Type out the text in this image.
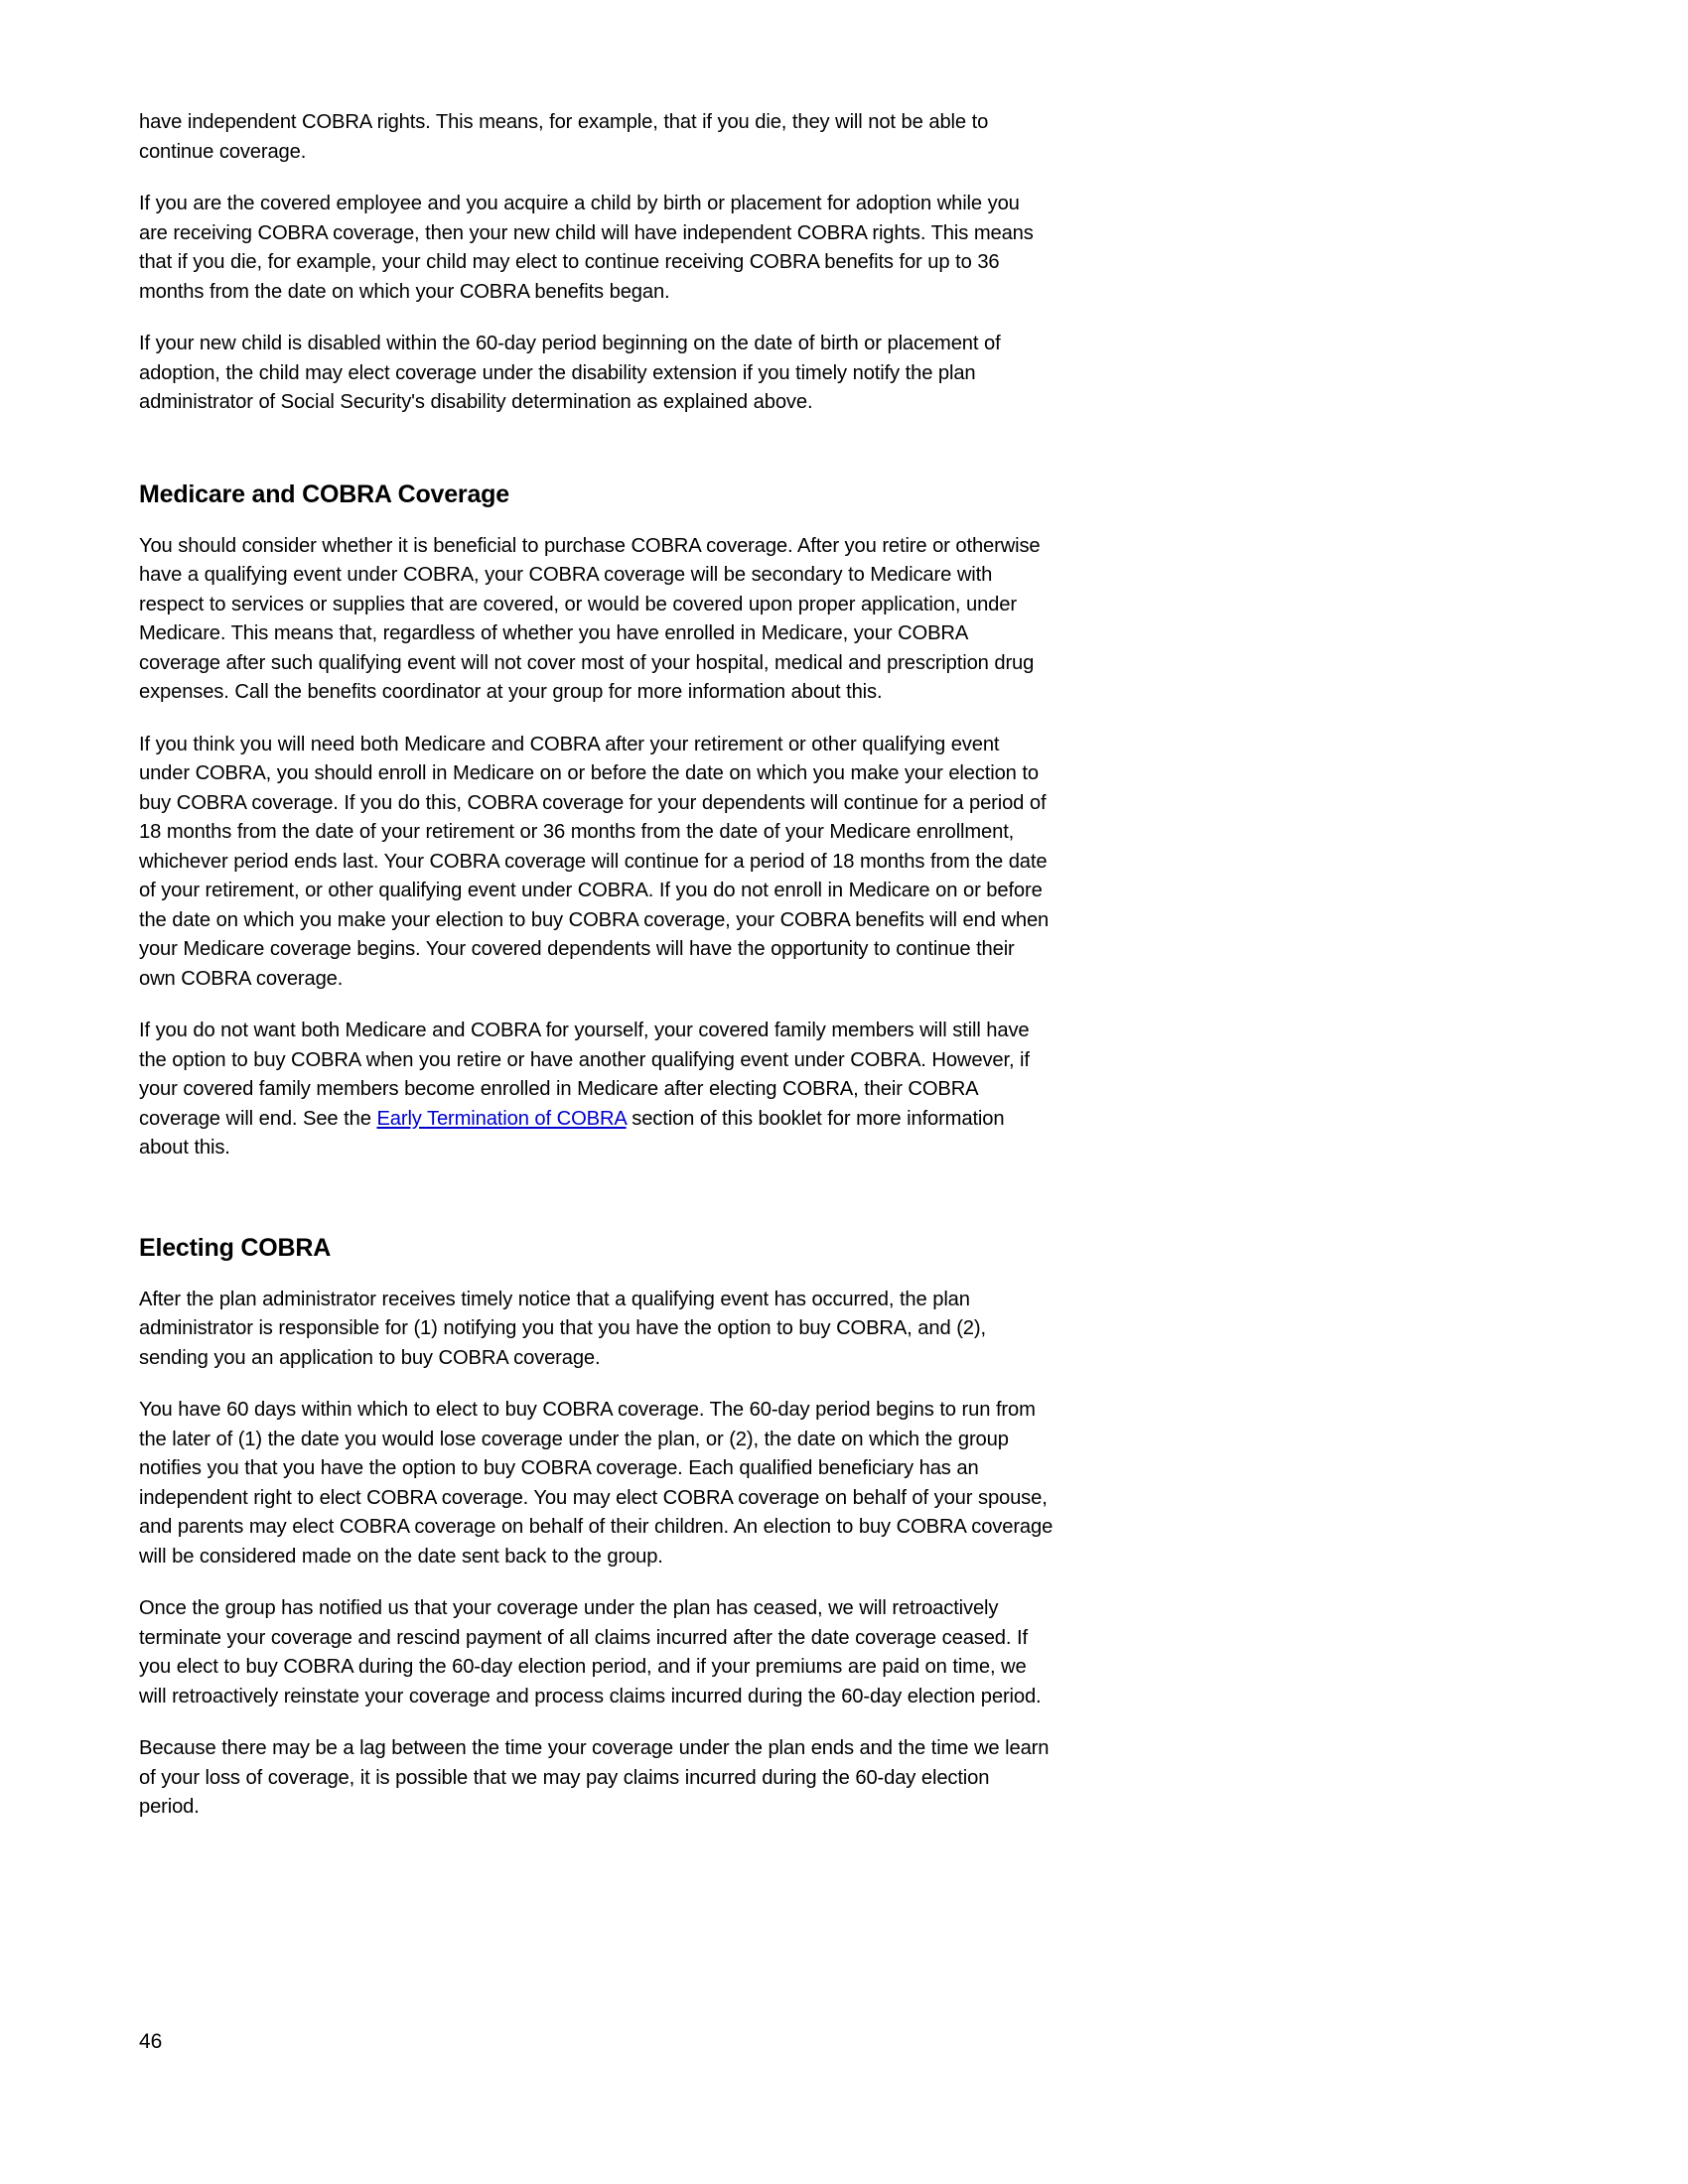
have independent COBRA rights. This means, for example, that if you die, they will not be able to continue coverage.

If you are the covered employee and you acquire a child by birth or placement for adoption while you are receiving COBRA coverage, then your new child will have independent COBRA rights. This means that if you die, for example, your child may elect to continue receiving COBRA benefits for up to 36 months from the date on which your COBRA benefits began.

If your new child is disabled within the 60-day period beginning on the date of birth or placement of adoption, the child may elect coverage under the disability extension if you timely notify the plan administrator of Social Security's disability determination as explained above.

Medicare and COBRA Coverage

You should consider whether it is beneficial to purchase COBRA coverage. After you retire or otherwise have a qualifying event under COBRA, your COBRA coverage will be secondary to Medicare with respect to services or supplies that are covered, or would be covered upon proper application, under Medicare. This means that, regardless of whether you have enrolled in Medicare, your COBRA coverage after such qualifying event will not cover most of your hospital, medical and prescription drug expenses. Call the benefits coordinator at your group for more information about this.

If you think you will need both Medicare and COBRA after your retirement or other qualifying event under COBRA, you should enroll in Medicare on or before the date on which you make your election to buy COBRA coverage. If you do this, COBRA coverage for your dependents will continue for a period of 18 months from the date of your retirement or 36 months from the date of your Medicare enrollment, whichever period ends last. Your COBRA coverage will continue for a period of 18 months from the date of your retirement, or other qualifying event under COBRA. If you do not enroll in Medicare on or before the date on which you make your election to buy COBRA coverage, your COBRA benefits will end when your Medicare coverage begins. Your covered dependents will have the opportunity to continue their own COBRA coverage.

If you do not want both Medicare and COBRA for yourself, your covered family members will still have the option to buy COBRA when you retire or have another qualifying event under COBRA. However, if your covered family members become enrolled in Medicare after electing COBRA, their COBRA coverage will end. See the Early Termination of COBRA section of this booklet for more information about this.

Electing COBRA

After the plan administrator receives timely notice that a qualifying event has occurred, the plan administrator is responsible for (1) notifying you that you have the option to buy COBRA, and (2), sending you an application to buy COBRA coverage.

You have 60 days within which to elect to buy COBRA coverage. The 60-day period begins to run from the later of (1) the date you would lose coverage under the plan, or (2), the date on which the group notifies you that you have the option to buy COBRA coverage. Each qualified beneficiary has an independent right to elect COBRA coverage. You may elect COBRA coverage on behalf of your spouse, and parents may elect COBRA coverage on behalf of their children. An election to buy COBRA coverage will be considered made on the date sent back to the group.

Once the group has notified us that your coverage under the plan has ceased, we will retroactively terminate your coverage and rescind payment of all claims incurred after the date coverage ceased. If you elect to buy COBRA during the 60-day election period, and if your premiums are paid on time, we will retroactively reinstate your coverage and process claims incurred during the 60-day election period.

Because there may be a lag between the time your coverage under the plan ends and the time we learn of your loss of coverage, it is possible that we may pay claims incurred during the 60-day election period.

46
